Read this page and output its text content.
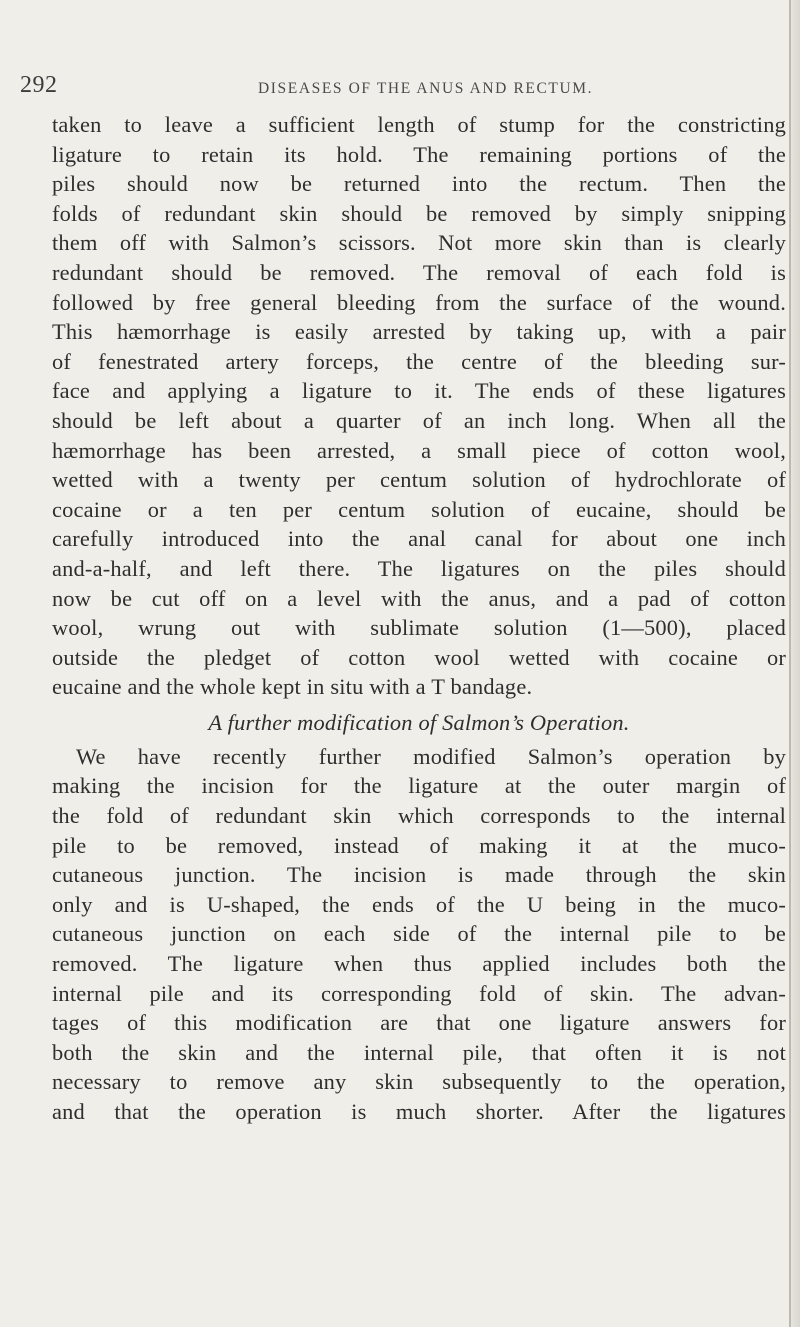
292	DISEASES OF THE ANUS AND RECTUM.
taken to leave a sufficient length of stump for the constricting
ligature to retain its hold. The remaining portions of the
piles should now be returned into the rectum. Then the
folds of redundant skin should be removed by simply snipping
them off with Salmon’s scissors. Not more skin than is clearly
redundant should be removed. The removal of each fold is
followed by free general bleeding from the surface of the wound.
This hæmorrhage is easily arrested by taking up, with a pair
of fenestrated artery forceps, the centre of the bleeding sur-
face and applying a ligature to it. The ends of these ligatures
should be left about a quarter of an inch long. When all the
hæmorrhage has been arrested, a small piece of cotton wool,
wetted with a twenty per centum solution of hydrochlorate of
cocaine or a ten per centum solution of eucaine, should be
carefully introduced into the anal canal for about one inch
and-a-half, and left there. The ligatures on the piles should
now be cut off on a level with the anus, and a pad of cotton
wool, wrung out with sublimate solution (1—500), placed
outside the pledget of cotton wool wetted with cocaine or
eucaine and the whole kept in situ with a T bandage.
A further modification of Salmon’s Operation.
We have recently further modified Salmon’s operation by
making the incision for the ligature at the outer margin of
the fold of redundant skin which corresponds to the internal
pile to be removed, instead of making it at the muco-
cutaneous junction. The incision is made through the skin
only and is U-shaped, the ends of the U being in the muco-
cutaneous junction on each side of the internal pile to be
removed. The ligature when thus applied includes both the
internal pile and its corresponding fold of skin. The advan-
tages of this modification are that one ligature answers for
both the skin and the internal pile, that often it is not
necessary to remove any skin subsequently to the operation,
and that the operation is much shorter. After the ligatures
